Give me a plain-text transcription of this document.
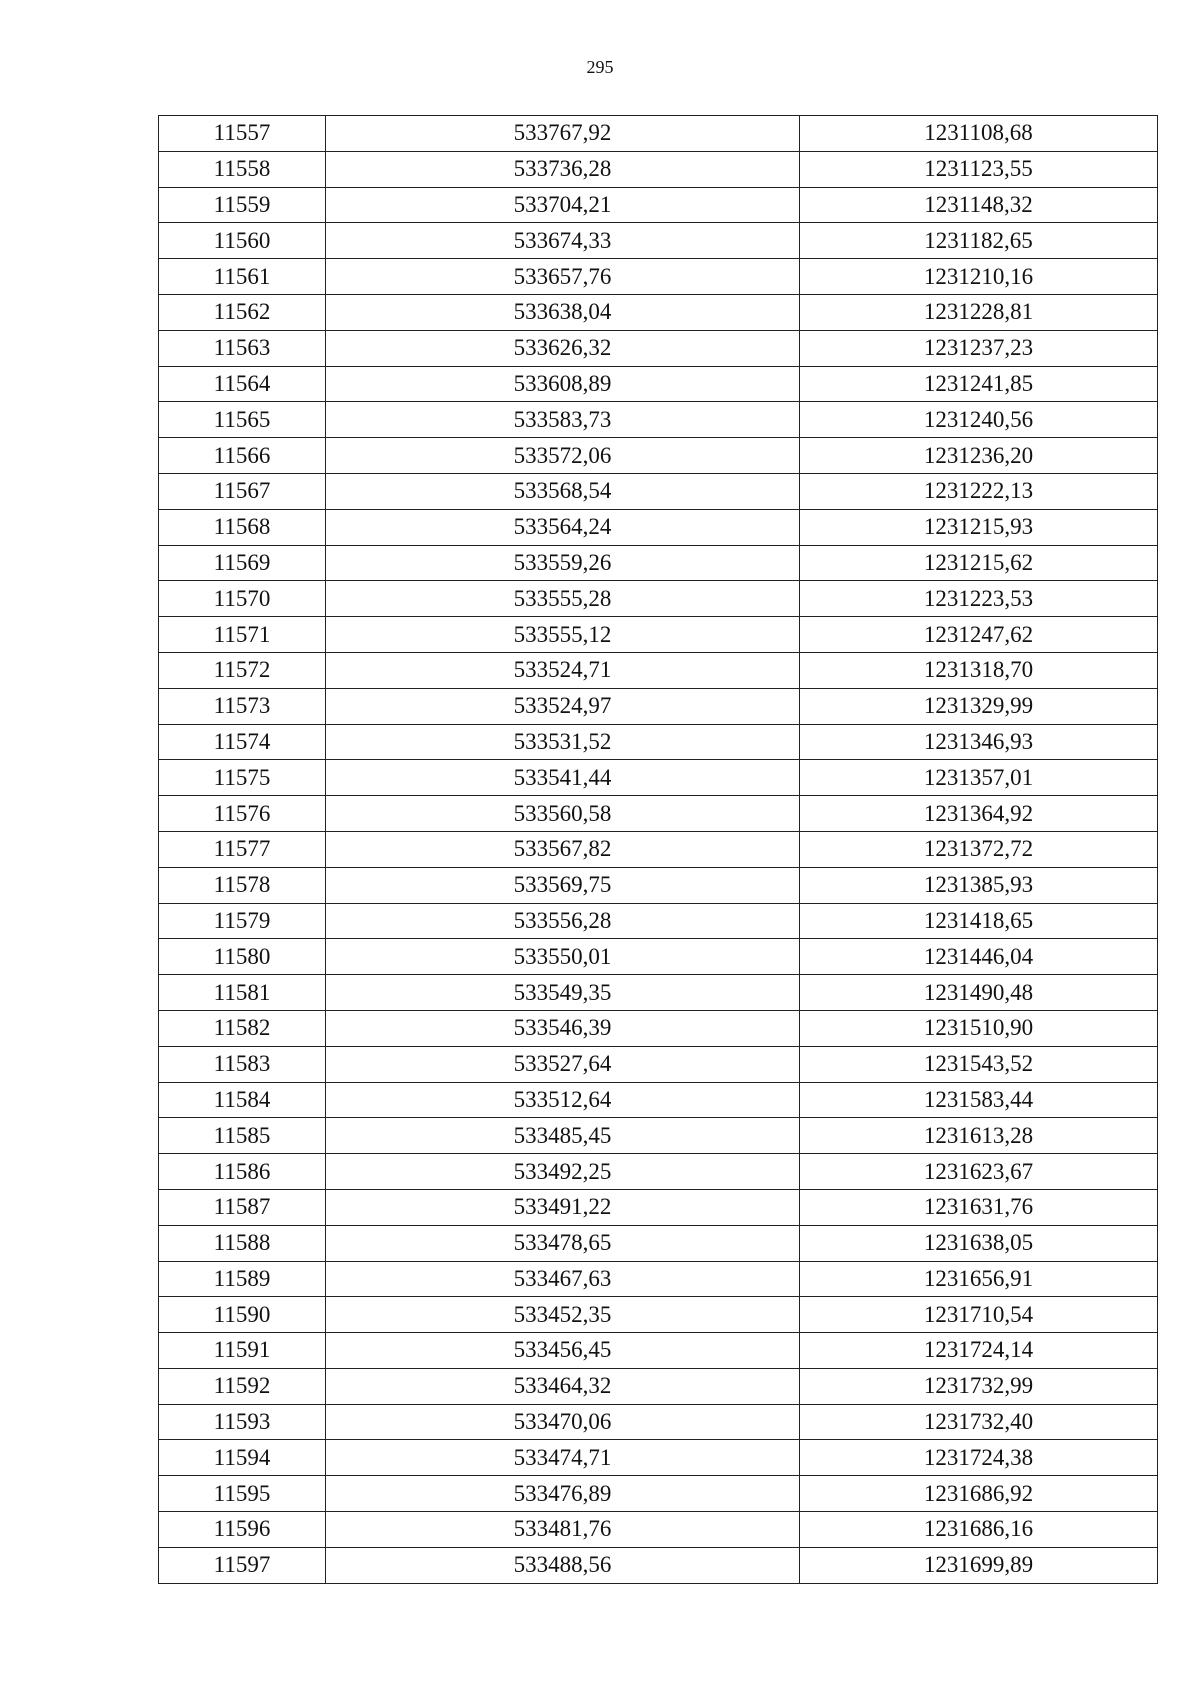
295
11557	533767,92	1231108,68
11558	533736,28	1231123,55
11559	533704,21	1231148,32
11560	533674,33	1231182,65
11561	533657,76	1231210,16
11562	533638,04	1231228,81
11563	533626,32	1231237,23
11564	533608,89	1231241,85
11565	533583,73	1231240,56
11566	533572,06	1231236,20
11567	533568,54	1231222,13
11568	533564,24	1231215,93
11569	533559,26	1231215,62
11570	533555,28	1231223,53
11571	533555,12	1231247,62
11572	533524,71	1231318,70
11573	533524,97	1231329,99
11574	533531,52	1231346,93
11575	533541,44	1231357,01
11576	533560,58	1231364,92
11577	533567,82	1231372,72
11578	533569,75	1231385,93
11579	533556,28	1231418,65
11580	533550,01	1231446,04
11581	533549,35	1231490,48
11582	533546,39	1231510,90
11583	533527,64	1231543,52
11584	533512,64	1231583,44
11585	533485,45	1231613,28
11586	533492,25	1231623,67
11587	533491,22	1231631,76
11588	533478,65	1231638,05
11589	533467,63	1231656,91
11590	533452,35	1231710,54
11591	533456,45	1231724,14
11592	533464,32	1231732,99
11593	533470,06	1231732,40
11594	533474,71	1231724,38
11595	533476,89	1231686,92
11596	533481,76	1231686,16
11597	533488,56	1231699,89
